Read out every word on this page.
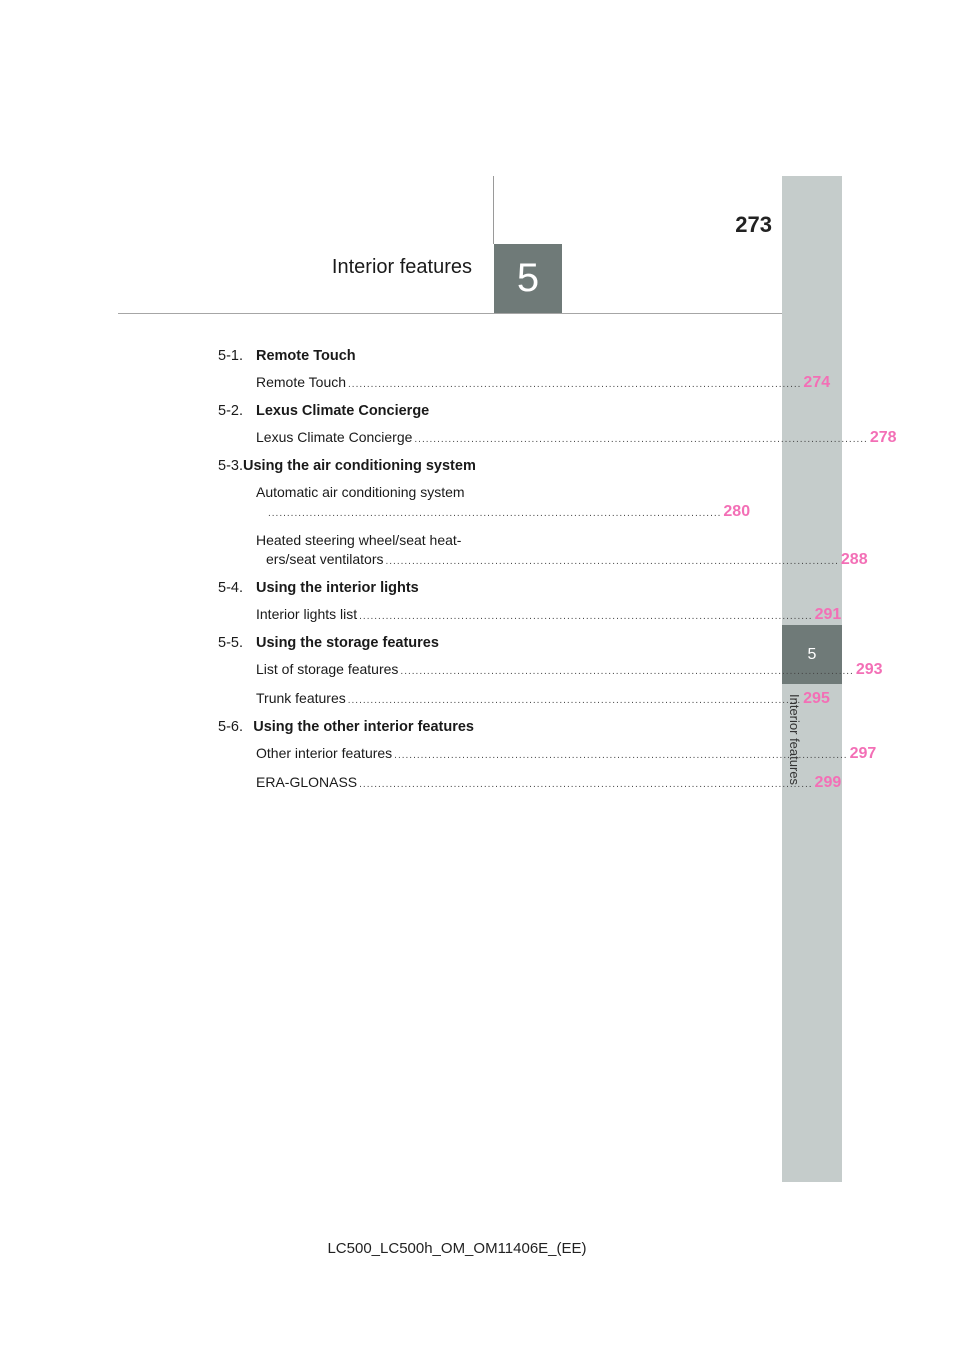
273
Interior features	5
5
Interior features
5-1. Remote Touch
Remote Touch ........................................................................................................................ 274
5-2. Lexus Climate Concierge
Lexus Climate Concierge ........................................................................................................................ 278
5-3. Using the air conditioning system
Automatic air conditioning system
........................................................................................................................ 280
Heated steering wheel/seat heat-
ers/seat ventilators ........................................................................................................................ 288
5-4. Using the interior lights
Interior lights list ........................................................................................................................ 291
5-5. Using the storage features
List of storage features ........................................................................................................................ 293
Trunk features ........................................................................................................................ 295
5-6. Using the other interior features
Other interior features ........................................................................................................................ 297
ERA-GLONASS ........................................................................................................................ 299
LC500_LC500h_OM_OM11406E_(EE)
